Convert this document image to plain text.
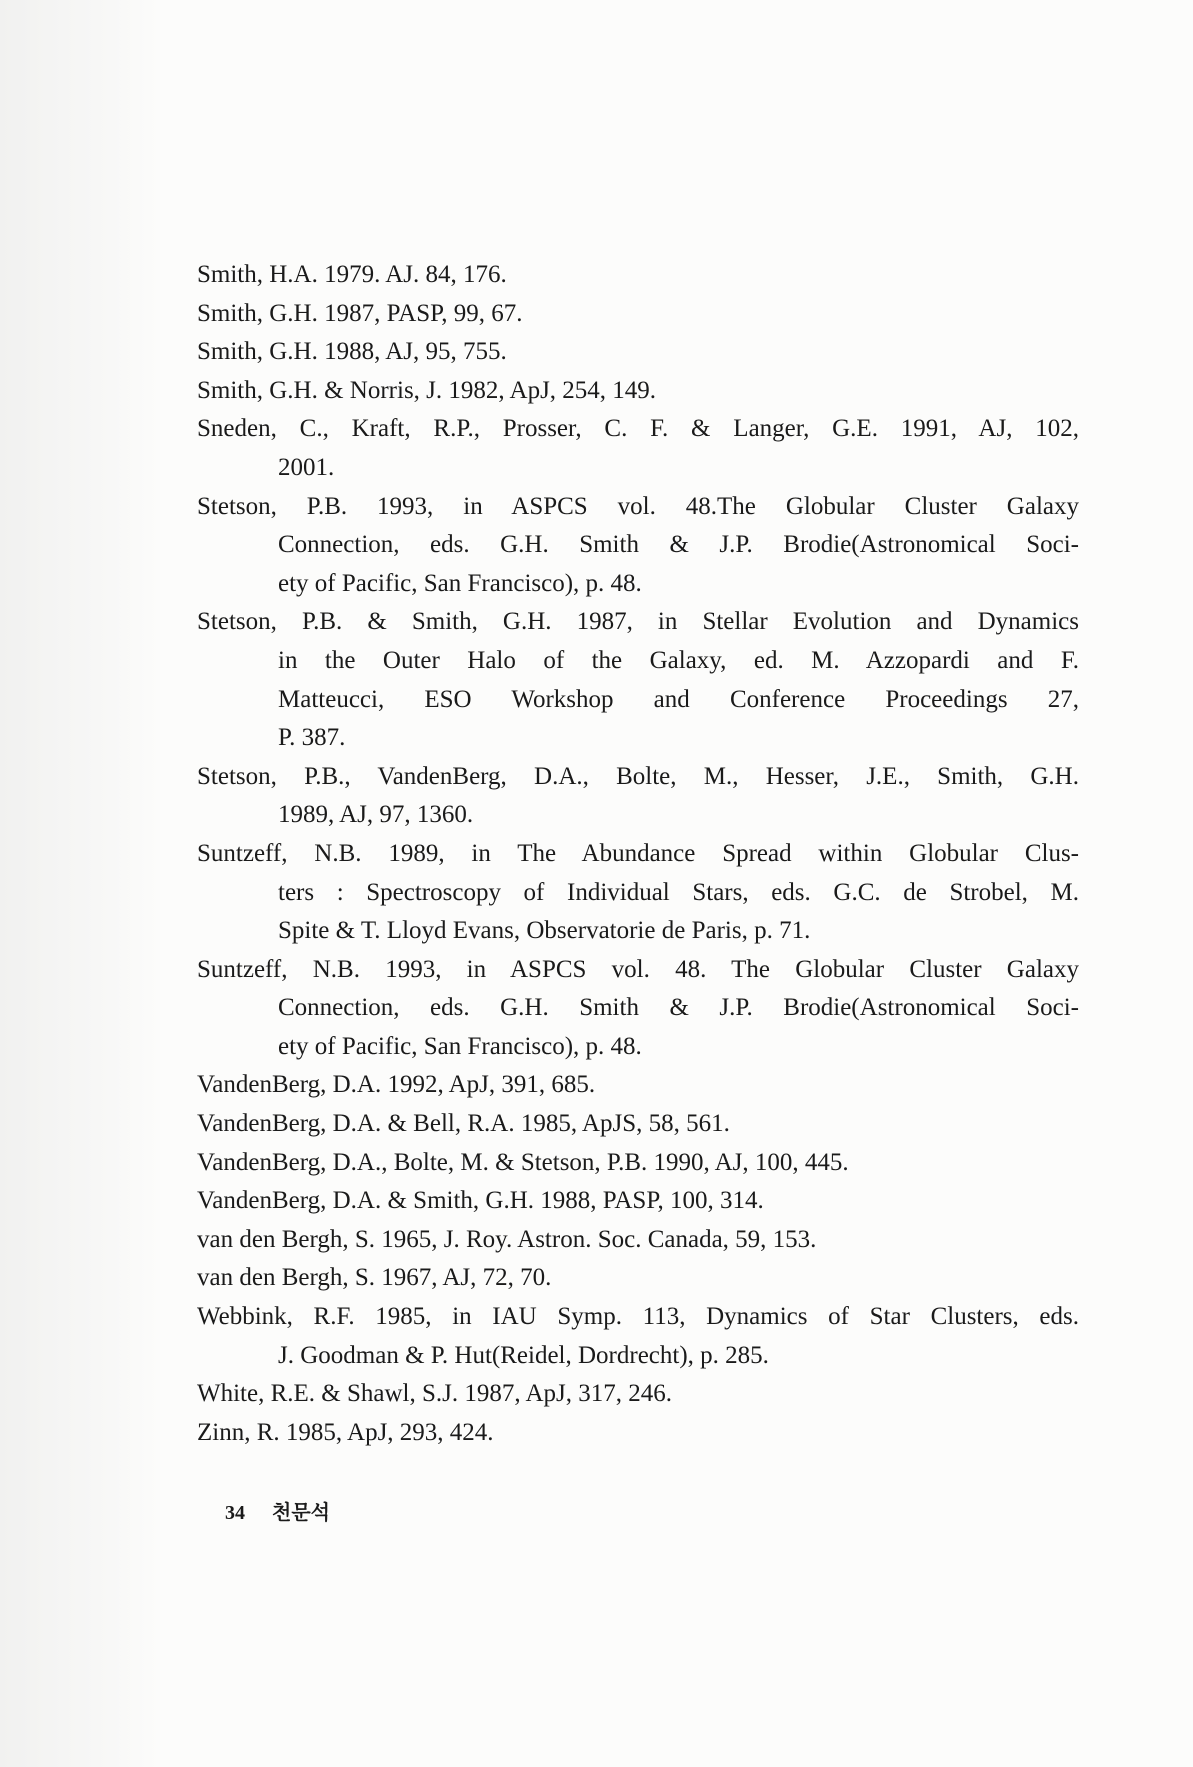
Smith, H.A. 1979. AJ. 84, 176.
Smith, G.H. 1987, PASP, 99, 67.
Smith, G.H. 1988, AJ, 95, 755.
Smith, G.H. & Norris, J. 1982, ApJ, 254, 149.
Sneden, C., Kraft, R.P., Prosser, C. F. & Langer, G.E. 1991, AJ, 102,
2001.
Stetson, P.B. 1993, in ASPCS vol. 48.The Globular Cluster Galaxy
Connection, eds. G.H. Smith & J.P. Brodie(Astronomical Soci-
ety of Pacific, San Francisco), p. 48.
Stetson, P.B. & Smith, G.H. 1987, in Stellar Evolution and Dynamics
in the Outer Halo of the Galaxy, ed. M. Azzopardi and F.
Matteucci, ESO Workshop and Conference Proceedings 27,
P. 387.
Stetson, P.B., VandenBerg, D.A., Bolte, M., Hesser, J.E., Smith, G.H.
1989, AJ, 97, 1360.
Suntzeff, N.B. 1989, in The Abundance Spread within Globular Clus-
ters : Spectroscopy of Individual Stars, eds. G.C. de Strobel, M.
Spite & T. Lloyd Evans, Observatorie de Paris, p. 71.
Suntzeff, N.B. 1993, in ASPCS vol. 48. The Globular Cluster Galaxy
Connection, eds. G.H. Smith & J.P. Brodie(Astronomical Soci-
ety of Pacific, San Francisco), p. 48.
VandenBerg, D.A. 1992, ApJ, 391, 685.
VandenBerg, D.A. & Bell, R.A. 1985, ApJS, 58, 561.
VandenBerg, D.A., Bolte, M. & Stetson, P.B. 1990, AJ, 100, 445.
VandenBerg, D.A. & Smith, G.H. 1988, PASP, 100, 314.
van den Bergh, S. 1965, J. Roy. Astron. Soc. Canada, 59, 153.
van den Bergh, S. 1967, AJ, 72, 70.
Webbink, R.F. 1985, in IAU Symp. 113, Dynamics of Star Clusters, eds.
J. Goodman & P. Hut(Reidel, Dordrecht), p. 285.
White, R.E. & Shawl, S.J. 1987, ApJ, 317, 246.
Zinn, R. 1985, ApJ, 293, 424.
34 천문석
